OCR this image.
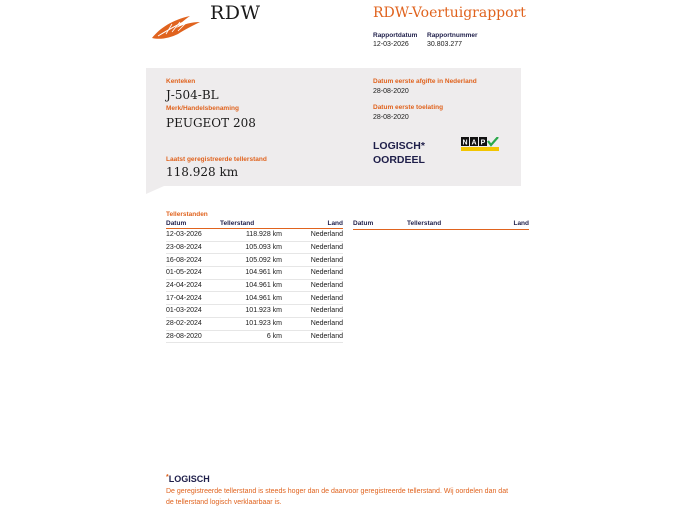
RDW	RDW-Voertuigrapport
Rapportdatum
12-03-2026
Rapportnummer
30.803.277
Kenteken
J-504-BL
Merk/Handelsbenaming
PEUGEOT 208
Laatst geregistreerde tellerstand
118.928 km
Datum eerste afgifte in Nederland
28-08-2020
Datum eerste toelating
28-08-2020
LOGISCH*
OORDEEL
N A P
Tellerstanden
Datum	Tellerstand	Land
12-03-2026	118.928 km	Nederland
23-08-2024	105.093 km	Nederland
16-08-2024	105.092 km	Nederland
01-05-2024	104.961 km	Nederland
24-04-2024	104.961 km	Nederland
17-04-2024	104.961 km	Nederland
01-03-2024	101.923 km	Nederland
28-02-2024	101.923 km	Nederland
28-08-2020	6 km	Nederland
Datum	Tellerstand	Land
*LOGISCH
De geregistreerde tellerstand is steeds hoger dan de daarvoor geregistreerde tellerstand. Wij oordelen dan dat de tellerstand logisch verklaarbaar is.
